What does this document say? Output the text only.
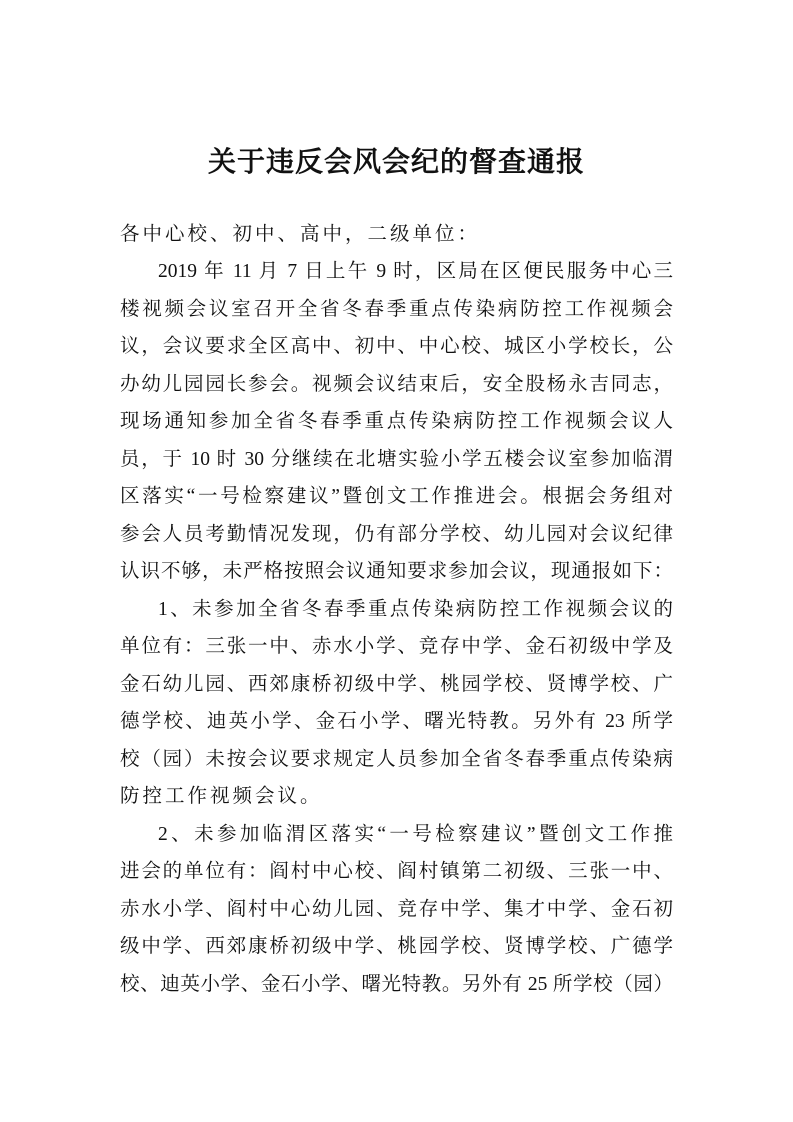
关于违反会风会纪的督查通报
各中心校、初中、高中，二级单位：
2019 年 11 月 7 日上午 9 时，区局在区便民服务中心三
楼视频会议室召开全省冬春季重点传染病防控工作视频会
议，会议要求全区高中、初中、中心校、城区小学校长，公
办幼儿园园长参会。视频会议结束后，安全股杨永吉同志，
现场通知参加全省冬春季重点传染病防控工作视频会议人
员，于 10 时 30 分继续在北塘实验小学五楼会议室参加临渭
区落实“一号检察建议”暨创文工作推进会。根据会务组对
参会人员考勤情况发现，仍有部分学校、幼儿园对会议纪律
认识不够，未严格按照会议通知要求参加会议，现通报如下：
1、未参加全省冬春季重点传染病防控工作视频会议的
单位有：三张一中、赤水小学、竞存中学、金石初级中学及
金石幼儿园、西郊康桥初级中学、桃园学校、贤博学校、广
德学校、迪英小学、金石小学、曙光特教。另外有 23 所学
校（园）未按会议要求规定人员参加全省冬春季重点传染病
防控工作视频会议。
2、未参加临渭区落实“一号检察建议”暨创文工作推
进会的单位有：阎村中心校、阎村镇第二初级、三张一中、
赤水小学、阎村中心幼儿园、竞存中学、集才中学、金石初
级中学、西郊康桥初级中学、桃园学校、贤博学校、广德学
校、迪英小学、金石小学、曙光特教。另外有 25 所学校（园）
